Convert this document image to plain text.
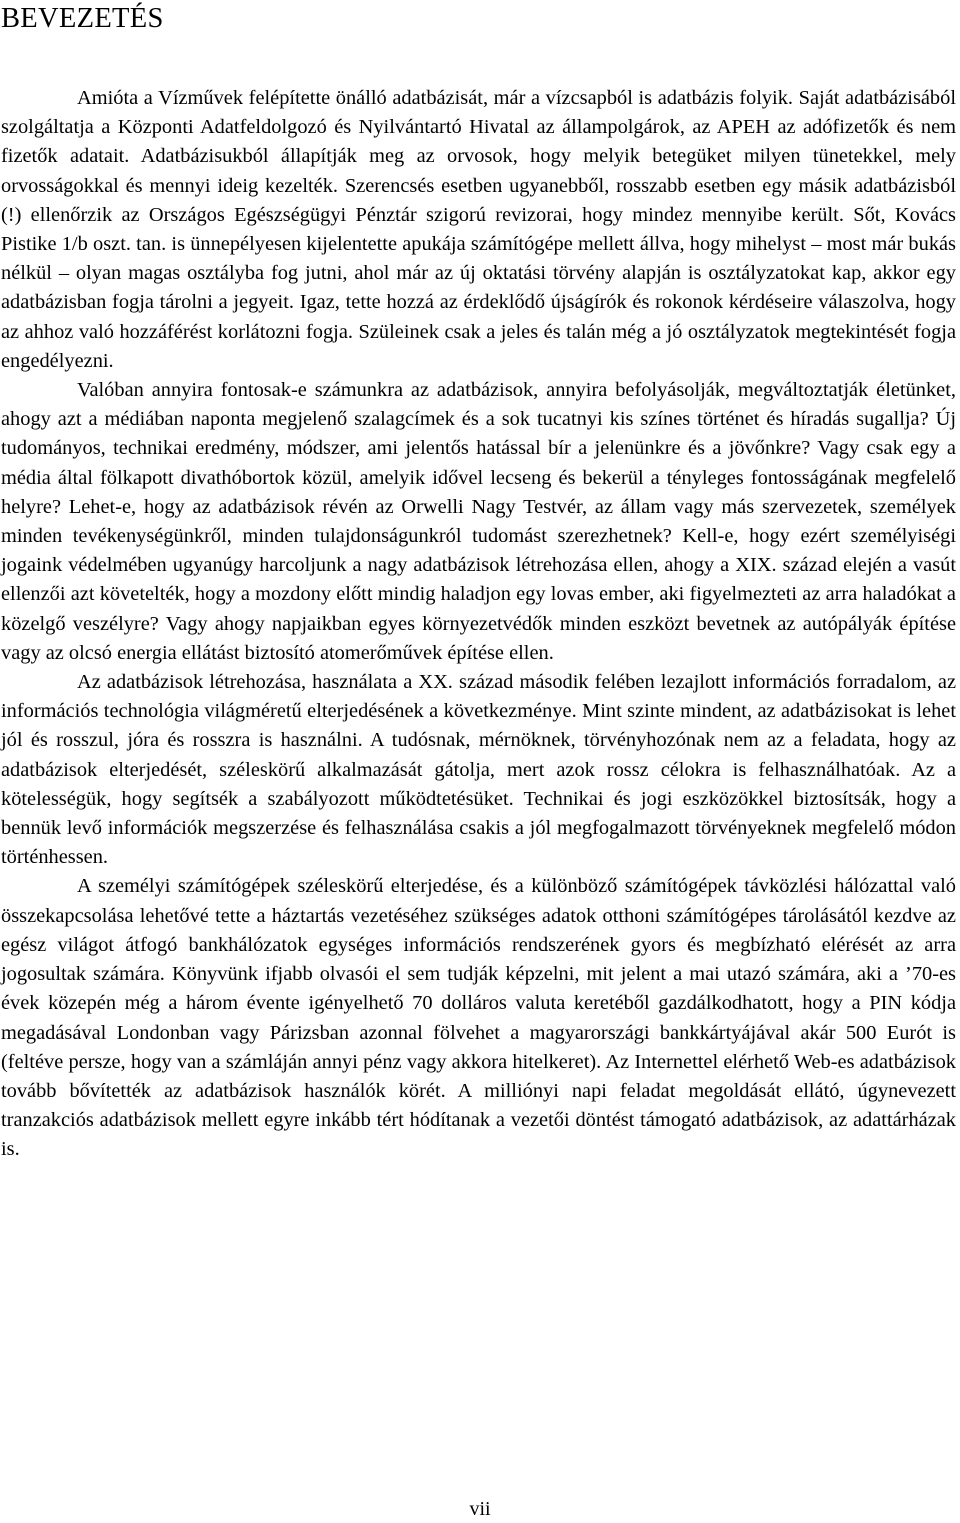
BEVEZETÉS

Amióta a Vízművek felépítette önálló adatbázisát, már a vízcsapból is adatbázis folyik. Saját adatbázisából szolgáltatja a Központi Adatfeldolgozó és Nyilvántartó Hivatal az állampolgárok, az APEH az adófizetők és nem fizetők adatait. Adatbázisukból állapítják meg az orvosok, hogy melyik betegüket milyen tünetekkel, mely orvosságokkal és mennyi ideig kezelték. Szerencsés esetben ugyanebből, rosszabb esetben egy másik adatbázisból (!) ellenőrzik az Országos Egészségügyi Pénztár szigorú revizorai, hogy mindez mennyibe került. Sőt, Kovács Pistike 1/b oszt. tan. is ünnepélyesen kijelentette apukája számítógépe mellett állva, hogy mihelyst – most már bukás nélkül – olyan magas osztályba fog jutni, ahol már az új oktatási törvény alapján is osztályzatokat kap, akkor egy adatbázisban fogja tárolni a jegyeit. Igaz, tette hozzá az érdeklődő újságírók és rokonok kérdéseire válaszolva, hogy az ahhoz való hozzáférést korlátozni fogja. Szüleinek csak a jeles és talán még a jó osztályzatok megtekintését fogja engedélyezni.

Valóban annyira fontosak-e számunkra az adatbázisok, annyira befolyásolják, megváltoztatják életünket, ahogy azt a médiában naponta megjelenő szalagcímek és a sok tucatnyi kis színes történet és híradás sugallja? Új tudományos, technikai eredmény, módszer, ami jelentős hatással bír a jelenünkre és a jövőnkre? Vagy csak egy a média által fölkapott divathóbortok közül, amelyik idővel lecseng és bekerül a tényleges fontosságának megfelelő helyre? Lehet-e, hogy az adatbázisok révén az Orwelli Nagy Testvér, az állam vagy más szervezetek, személyek minden tevékenységünkről, minden tulajdonságunkról tudomást szerezhetnek? Kell-e, hogy ezért személyiségi jogaink védelmében ugyanúgy harcoljunk a nagy adatbázisok létrehozása ellen, ahogy a XIX. század elején a vasút ellenzői azt követelték, hogy a mozdony előtt mindig haladjon egy lovas ember, aki figyelmezteti az arra haladókat a közelgő veszélyre? Vagy ahogy napjaikban egyes környezetvédők minden eszközt bevetnek az autópályák építése vagy az olcsó energia ellátást biztosító atomerőművek építése ellen.

Az adatbázisok létrehozása, használata a XX. század második felében lezajlott információs forradalom, az információs technológia világméretű elterjedésének a következménye. Mint szinte mindent, az adatbázisokat is lehet jól és rosszul, jóra és rosszra is használni. A tudósnak, mérnöknek, törvényhozónak nem az a feladata, hogy az adatbázisok elterjedését, széleskörű alkalmazását gátolja, mert azok rossz célokra is felhasználhatóak. Az a kötelességük, hogy segítsék a szabályozott működtetésüket. Technikai és jogi eszközökkel biztosítsák, hogy a bennük levő információk megszerzése és felhasználása csakis a jól megfogalmazott törvényeknek megfelelő módon történhessen.

A személyi számítógépek széleskörű elterjedése, és a különböző számítógépek távközlési hálózattal való összekapcsolása lehetővé tette a háztartás vezetéséhez szükséges adatok otthoni számítógépes tárolásától kezdve az egész világot átfogó bankhálózatok egységes információs rendszerének gyors és megbízható elérését az arra jogosultak számára. Könyvünk ifjabb olvasói el sem tudják képzelni, mit jelent a mai utazó számára, aki a ’70-es évek közepén még a három évente igényelhető 70 dolláros valuta keretéből gazdálkodhatott, hogy a PIN kódja megadásával Londonban vagy Párizsban azonnal fölvehet a magyarországi bankkártyájával akár 500 Eurót is (feltéve persze, hogy van a számláján annyi pénz vagy akkora hitelkeret). Az Internettel elérhető Web-es adatbázisok tovább bővítették az adatbázisok használók körét. A milliónyi napi feladat megoldását ellátó, úgynevezett tranzakciós adatbázisok mellett egyre inkább tért hódítanak a vezetői döntést támogató adatbázisok, az adattárházak is.

vii
